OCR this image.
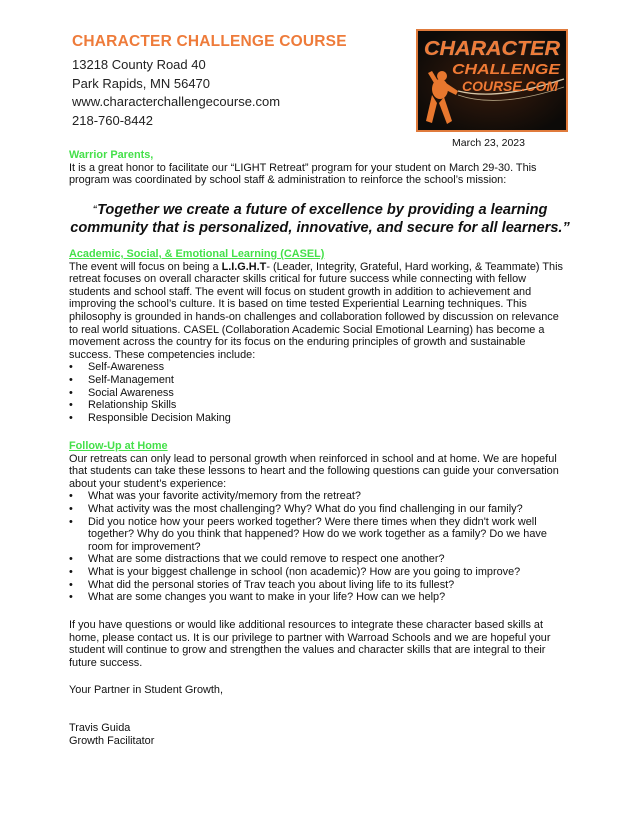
CHARACTER CHALLENGE COURSE
13218 County Road 40
Park Rapids, MN 56470
www.characterchallengecourse.com
218-760-8442
CHARACTER
CHALLENGE
COURSE.COM
March 23, 2023
Warrior Parents,
It is a great honor to facilitate our “LIGHT Retreat” program for your student on March 29-30. This program was coordinated by school staff & administration to reinforce the school’s mission:
“Together we create a future of excellence by providing a learning community that is personalized, innovative, and secure for all learners.”
Academic, Social, & Emotional Learning (CASEL)
The event will focus on being a L.I.G.H.T- (Leader, Integrity, Grateful, Hard working, & Teammate) This retreat focuses on overall character skills critical for future success while connecting with fellow students and school staff. The event will focus on student growth in addition to achievement and improving the school’s culture. It is based on time tested Experiential Learning techniques. This philosophy is grounded in hands-on challenges and collaboration followed by discussion on relevance to real world situations. CASEL (Collaboration Academic Social Emotional Learning) has become a movement across the country for its focus on the enduring principles of growth and sustainable success. These competencies include:
• Self-Awareness
• Self-Management
• Social Awareness
• Relationship Skills
• Responsible Decision Making
Follow-Up at Home
Our retreats can only lead to personal growth when reinforced in school and at home. We are hopeful that students can take these lessons to heart and the following questions can guide your conversation about your student’s experience:
• What was your favorite activity/memory from the retreat?
• What activity was the most challenging? Why? What do you find challenging in our family?
• Did you notice how your peers worked together? Were there times when they didn't work well together? Why do you think that happened? How do we work together as a family? Do we have room for improvement?
• What are some distractions that we could remove to respect one another?
• What is your biggest challenge in school (non academic)? How are you going to improve?
• What did the personal stories of Trav teach you about living life to its fullest?
• What are some changes you want to make in your life? How can we help?
If you have questions or would like additional resources to integrate these character based skills at home, please contact us. It is our privilege to partner with Warroad Schools and we are hopeful your student will continue to grow and strengthen the values and character skills that are integral to their future success.
Your Partner in Student Growth,
Travis Guida
Growth Facilitator
